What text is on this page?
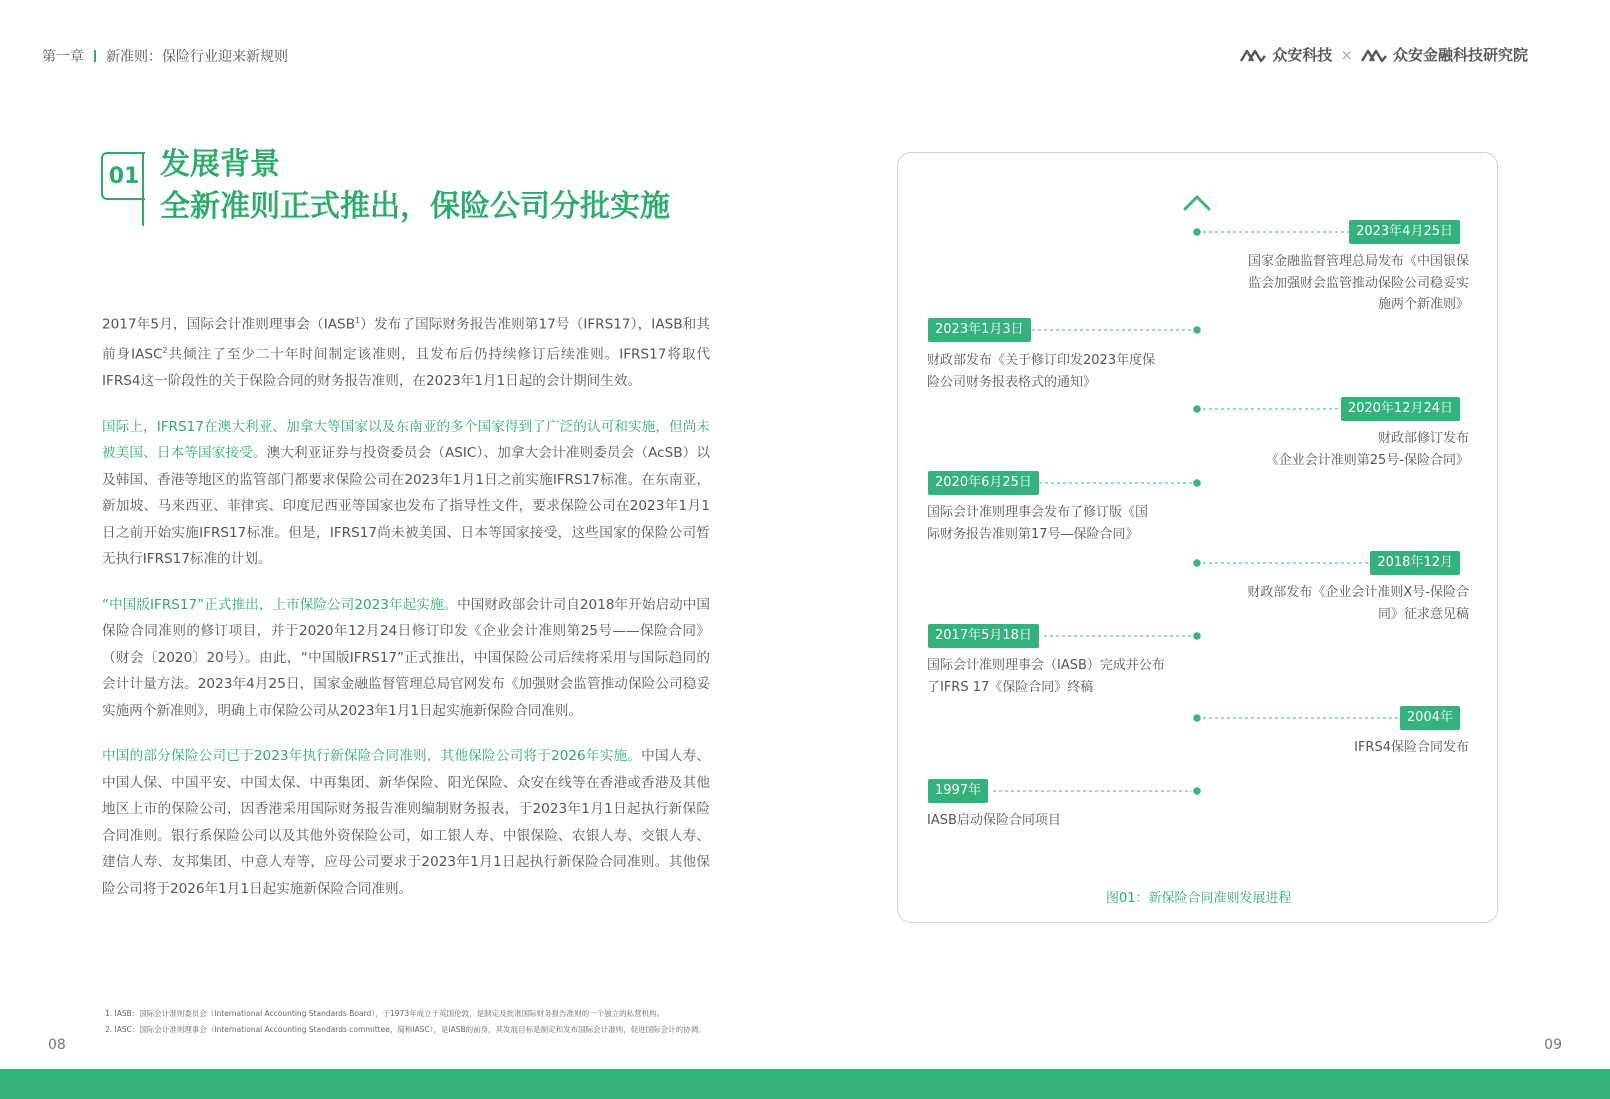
第一章 新准则：保险行业迎来新规则	众安科技 ×	众安金融科技研究院
01 发展背景
全新准则正式推出，保险公司分批实施

2017年5月，国际会计准则理事会（IASB$^1$）发布了国际财务报告准则第17号（IFRS17），IASB和其前身IASC$^2$共倾注了至少二十年时间制定该准则，且发布后仍持续修订后续准则。IFRS17将取代IFRS4这一阶段性的关于保险合同的财务报告准则，在2023年1月1日起的会计期间生效。

国际上，IFRS17在澳大利亚、加拿大等国家以及东南亚的多个国家得到了广泛的认可和实施，但尚未被美国、日本等国家接受。澳大利亚证券与投资委员会（ASIC）、加拿大会计准则委员会（AcSB）以及韩国、香港等地区的监管部门都要求保险公司在2023年1月1日之前实施IFRS17标准。在东南亚，新加坡、马来西亚、菲律宾、印度尼西亚等国家也发布了指导性文件，要求保险公司在2023年1月1日之前开始实施IFRS17标准。但是，IFRS17尚未被美国、日本等国家接受，这些国家的保险公司暂无执行IFRS17标准的计划。

“中国版IFRS17”正式推出，上市保险公司2023年起实施。中国财政部会计司自2018年开始启动中国保险合同准则的修订项目，并于2020年12月24日修订印发《企业会计准则第25号——保险合同》（财会〔2020〕20号）。由此，“中国版IFRS17”正式推出，中国保险公司后续将采用与国际趋同的会计计量方法。2023年4月25日，国家金融监督管理总局官网发布《加强财会监管推动保险公司稳妥实施两个新准则》，明确上市保险公司从2023年1月1日起实施新保险合同准则。

中国的部分保险公司已于2023年执行新保险合同准则，其他保险公司将于2026年实施。中国人寿、中国人保、中国平安、中国太保、中再集团、新华保险、阳光保险、众安在线等在香港或香港及其他地区上市的保险公司，因香港采用国际财务报告准则编制财务报表，于2023年1月1日起执行新保险合同准则。银行系保险公司以及其他外资保险公司，如工银人寿、中银保险、农银人寿、交银人寿、建信人寿、友邦集团、中意人寿等，应母公司要求于2023年1月1日起执行新保险合同准则。其他保险公司将于2026年1月1日起实施新保险合同准则。

2023年4月25日
国家金融监督管理总局发布《中国银保
监会加强财会监管推动保险公司稳妥实
施两个新准则》
2020年12月24日
财政部修订发布
《企业会计准则第25号-保险合同》
2018年12月
财政部发布《企业会计准则X号-保险合
同》征求意见稿
2004年
IFRS4保险合同发布
2023年1月3日
财政部发布《关于修订印发2023年度保
险公司财务报表格式的通知》
2020年6月25日
国际会计准则理事会发布了修订版《国
际财务报告准则第17号—保险合同》
2017年5月18日
国际会计准则理事会（IASB）完成并公布
了IFRS 17《保险合同》终稿
1997年
IASB启动保险合同项目
图01：新保险合同准则发展进程
1. IASB：国际会计准则委员会（International Accounting Standards Board），于1973年成立于英国伦敦，是制定及批准国际财务报告准则的一个独立的私营机构。
2. IASC：国际会计准则理事会（International Accounting Standards committee，简称IASC），是IASB的前身，其发展目标是制定和发布国际会计准则，促进国际会计的协调。
08	09
